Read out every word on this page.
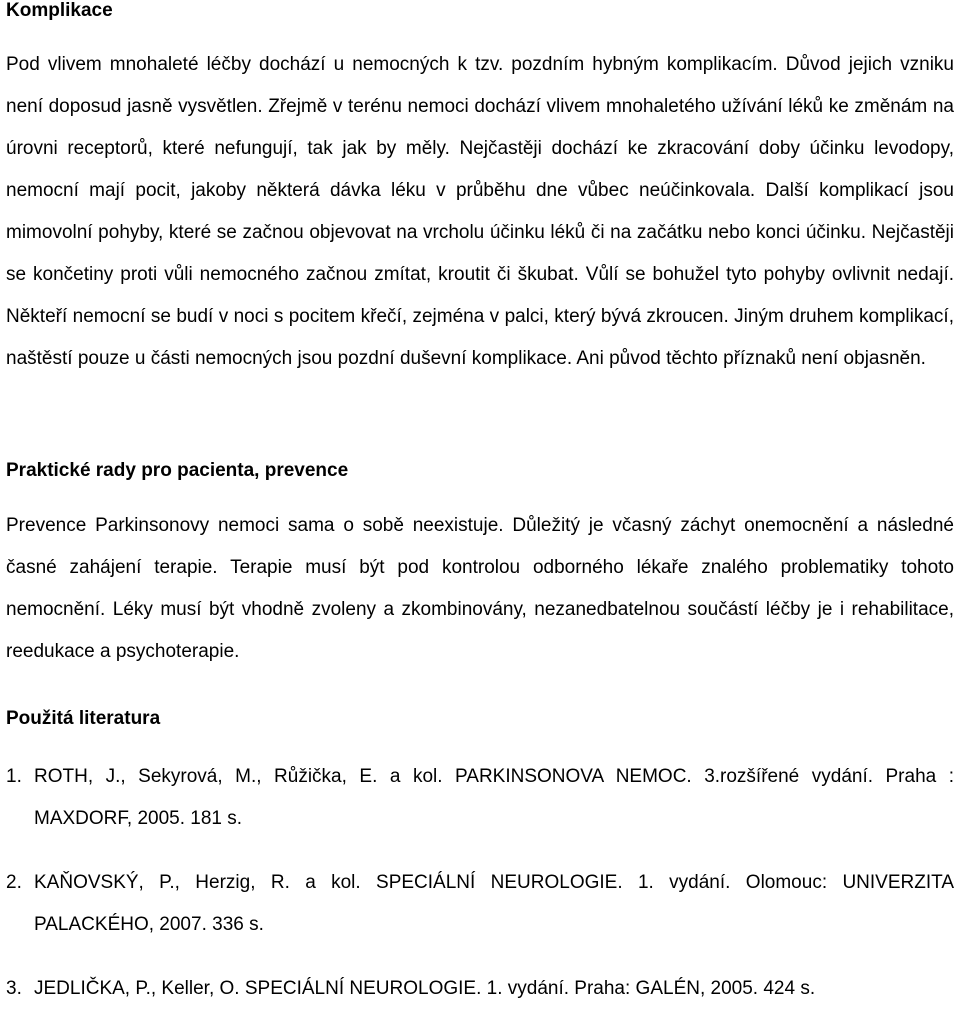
Komplikace

Pod vlivem mnohaleté léčby dochází u nemocných k tzv. pozdním hybným komplikacím. Důvod jejich vzniku není doposud jasně vysvětlen. Zřejmě v terénu nemoci dochází vlivem mnohaletého užívání léků ke změnám na úrovni receptorů, které nefungují, tak jak by měly. Nejčastěji dochází ke zkracování doby účinku levodopy, nemocní mají pocit, jakoby některá dávka léku v průběhu dne vůbec neúčinkovala. Další komplikací jsou mimovolní pohyby, které se začnou objevovat na vrcholu účinku léků či na začátku nebo konci účinku. Nejčastěji se končetiny proti vůli nemocného začnou zmítat, kroutit či škubat. Vůlí se bohužel tyto pohyby ovlivnit nedají. Někteří nemocní se budí v noci s pocitem křečí, zejména v palci, který bývá zkroucen. Jiným druhem komplikací, naštěstí pouze u části nemocných jsou pozdní duševní komplikace. Ani původ těchto příznaků není objasněn.

Praktické rady pro pacienta, prevence

Prevence Parkinsonovy nemoci sama o sobě neexistuje. Důležitý je včasný záchyt onemocnění a následné časné zahájení terapie. Terapie musí být pod kontrolou odborného lékaře znalého problematiky tohoto nemocnění. Léky musí být vhodně zvoleny a zkombinovány, nezanedbatelnou součástí léčby je i rehabilitace, reedukace a psychoterapie.

Použitá literatura
1. ROTH, J., Sekyrová, M., Růžička, E. a kol. PARKINSONOVA NEMOC. 3.rozšířené vydání. Praha : MAXDORF, 2005. 181 s.
2. KAŇOVSKÝ, P., Herzig, R. a kol. SPECIÁLNÍ NEUROLOGIE. 1. vydání. Olomouc: UNIVERZITA PALACKÉHO, 2007. 336 s.
3. JEDLIČKA, P., Keller, O. SPECIÁLNÍ NEUROLOGIE. 1. vydání. Praha: GALÉN, 2005. 424 s.
